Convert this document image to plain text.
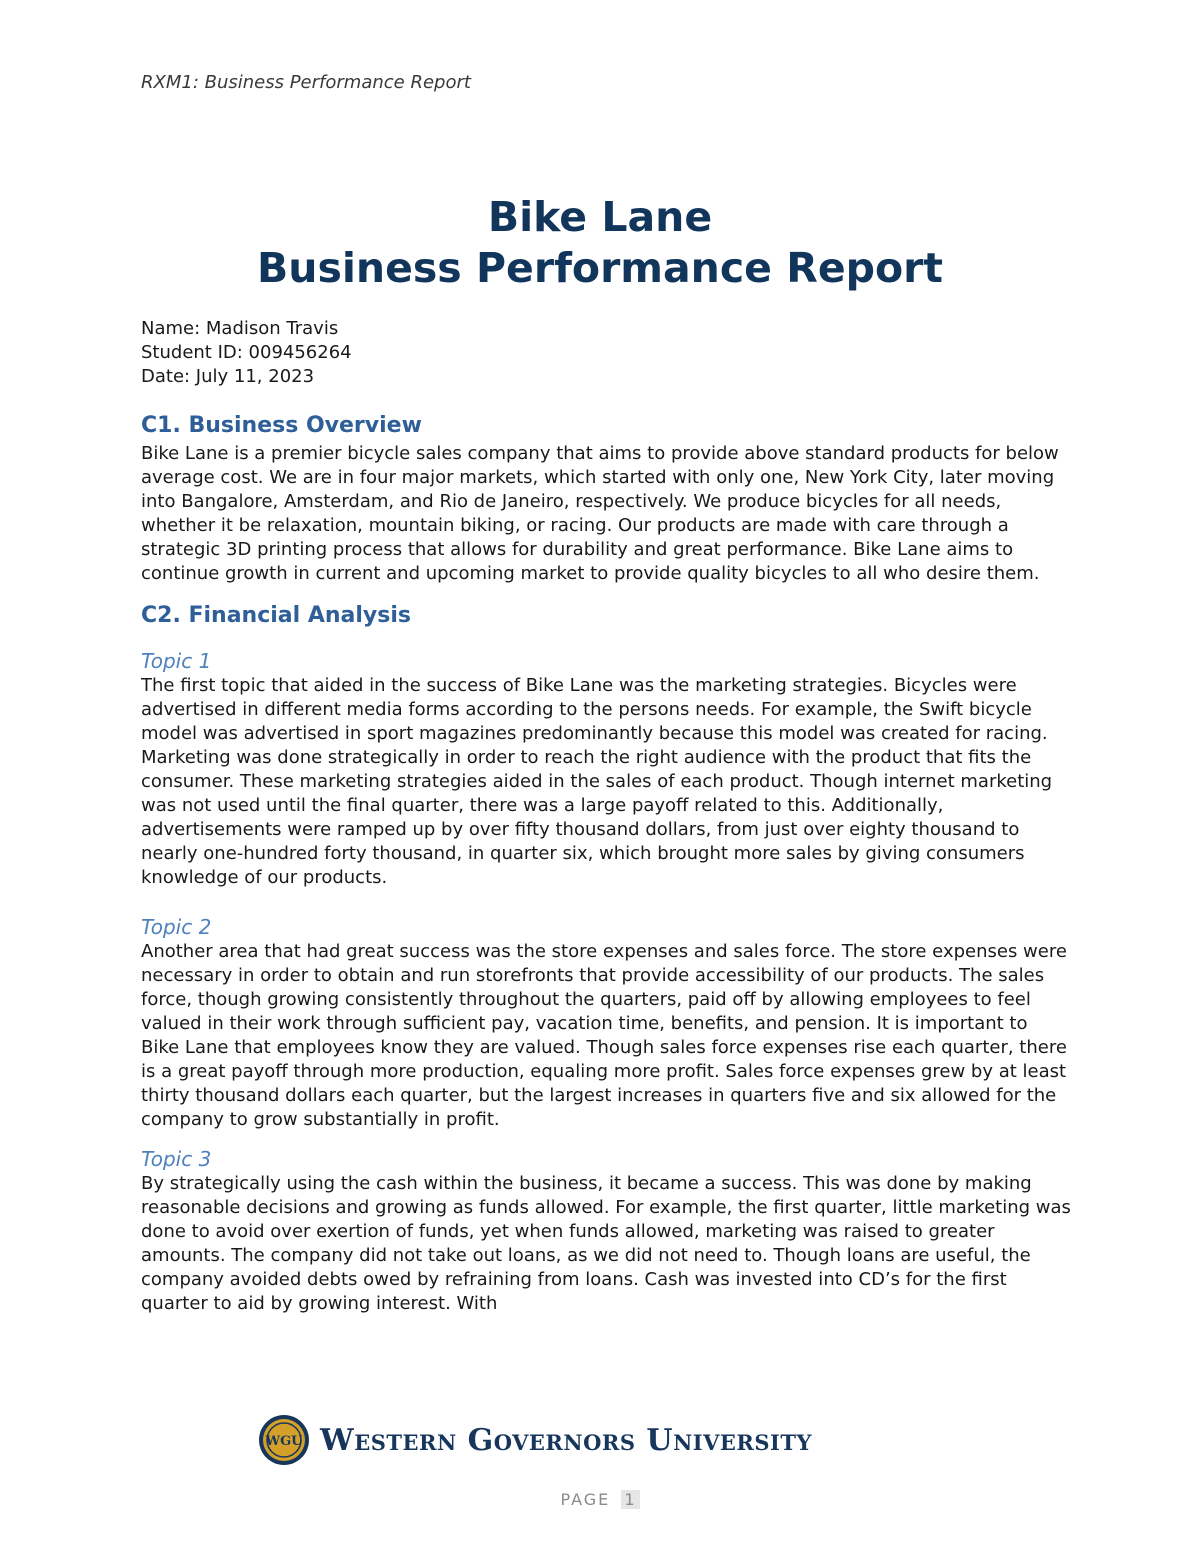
RXM1: Business Performance Report
Bike Lane
Business Performance Report
Name: Madison Travis
Student ID: 009456264
Date: July 11, 2023
C1. Business Overview

Bike Lane is a premier bicycle sales company that aims to provide above standard products for below average cost. We are in four major markets, which started with only one, New York City, later moving into Bangalore, Amsterdam, and Rio de Janeiro, respectively. We produce bicycles for all needs, whether it be relaxation, mountain biking, or racing. Our products are made with care through a strategic 3D printing process that allows for durability and great performance. Bike Lane aims to continue growth in current and upcoming market to provide quality bicycles to all who desire them.

C2. Financial Analysis
Topic 1

The first topic that aided in the success of Bike Lane was the marketing strategies. Bicycles were advertised in different media forms according to the persons needs. For example, the Swift bicycle model was advertised in sport magazines predominantly because this model was created for racing. Marketing was done strategically in order to reach the right audience with the product that fits the consumer. These marketing strategies aided in the sales of each product. Though internet marketing was not used until the final quarter, there was a large payoff related to this. Additionally, advertisements were ramped up by over fifty thousand dollars, from just over eighty thousand to nearly one-hundred forty thousand, in quarter six, which brought more sales by giving consumers knowledge of our products.

Topic 2

Another area that had great success was the store expenses and sales force. The store expenses were necessary in order to obtain and run storefronts that provide accessibility of our products. The sales force, though growing consistently throughout the quarters, paid off by allowing employees to feel valued in their work through sufficient pay, vacation time, benefits, and pension. It is important to Bike Lane that employees know they are valued. Though sales force expenses rise each quarter, there is a great payoff through more production, equaling more profit. Sales force expenses grew by at least thirty thousand dollars each quarter, but the largest increases in quarters five and six allowed for the company to grow substantially in profit.

Topic 3

By strategically using the cash within the business, it became a success. This was done by making reasonable decisions and growing as funds allowed. For example, the first quarter, little marketing was done to avoid over exertion of funds, yet when funds allowed, marketing was raised to greater amounts. The company did not take out loans, as we did not need to. Though loans are useful, the company avoided debts owed by refraining from loans. Cash was invested into CD’s for the first quarter to aid by growing interest. With

WGU Western Governors University
PAGE 1
